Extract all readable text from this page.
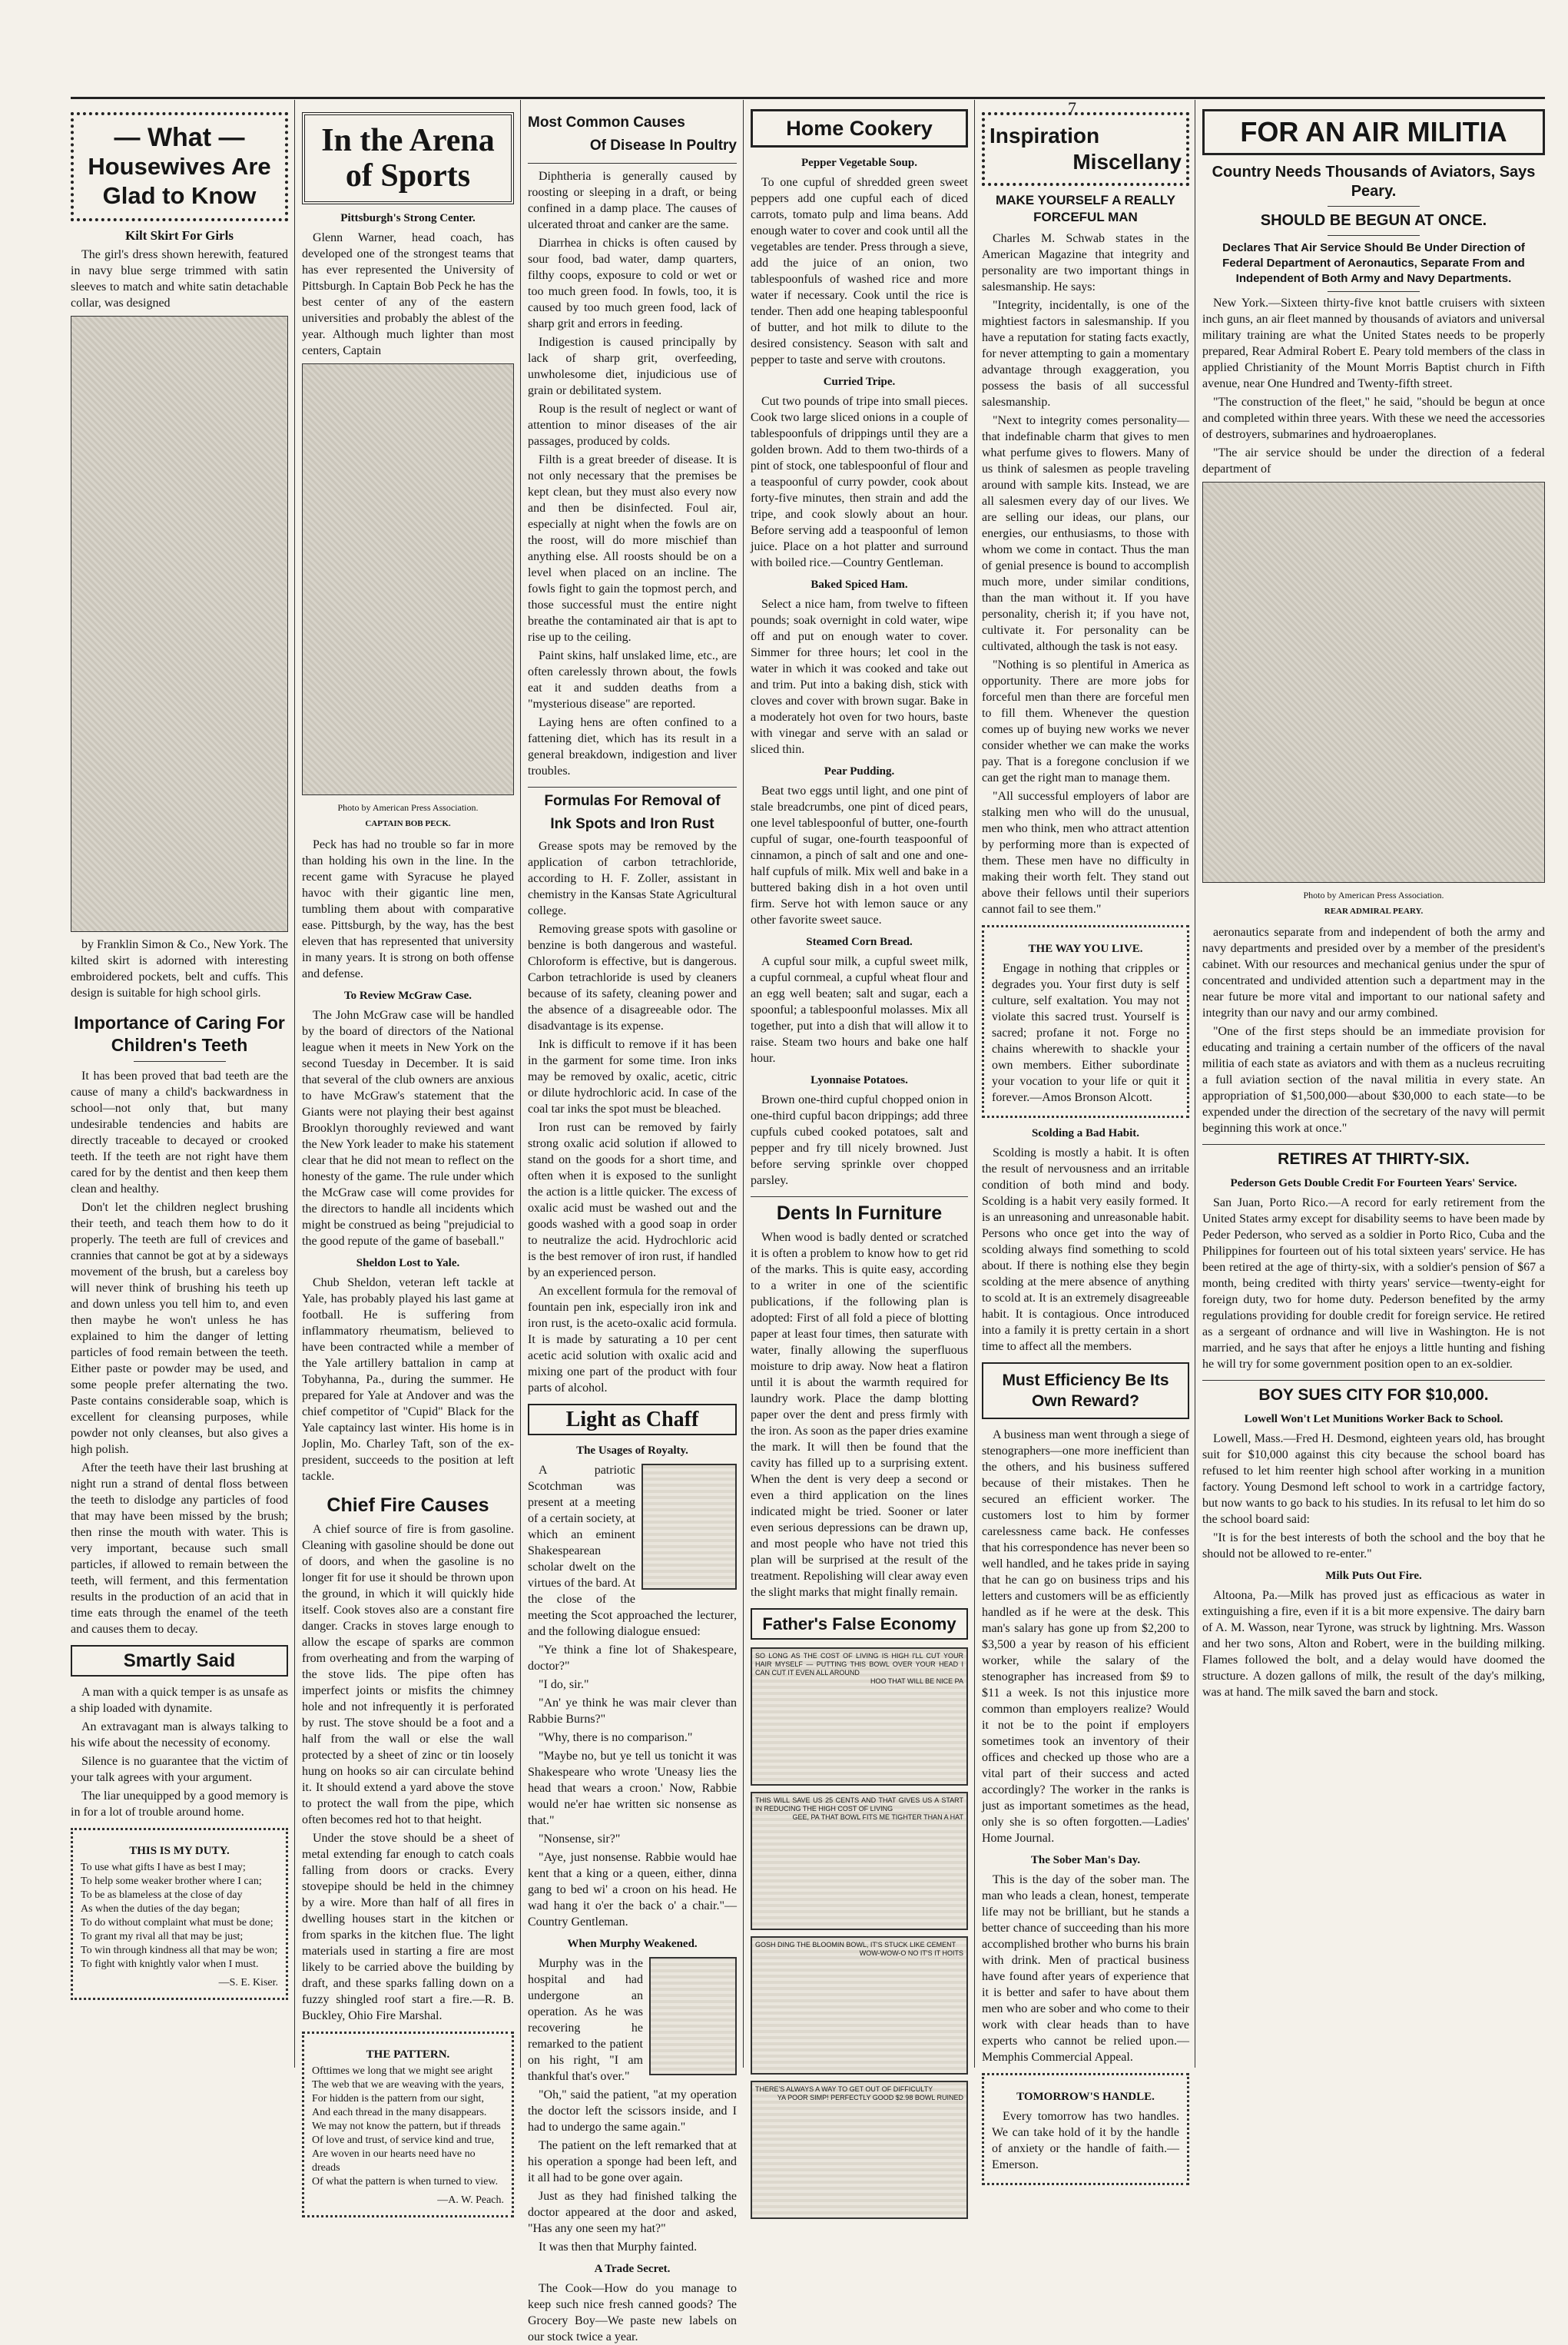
7
— What —
Housewives Are
Glad to Know
Kilt Skirt For Girls

The girl's dress shown herewith, featured in navy blue serge trimmed with satin sleeves to match and white satin detachable collar, was designed

by Franklin Simon & Co., New York. The kilted skirt is adorned with interesting embroidered pockets, belt and cuffs. This design is suitable for high school girls.

Importance of Caring For Children's Teeth

It has been proved that bad teeth are the cause of many a child's backwardness in school—not only that, but many undesirable tendencies and habits are directly traceable to decayed or crooked teeth. If the teeth are not right have them cared for by the dentist and then keep them clean and healthy.

Don't let the children neglect brushing their teeth, and teach them how to do it properly. The teeth are full of crevices and crannies that cannot be got at by a sideways movement of the brush, but a careless boy will never think of brushing his teeth up and down unless you tell him to, and even then maybe he won't unless he has explained to him the danger of letting particles of food remain between the teeth. Either paste or powder may be used, and some people prefer alternating the two. Paste contains considerable soap, which is excellent for cleansing purposes, while powder not only cleanses, but also gives a high polish.

After the teeth have their last brushing at night run a strand of dental floss between the teeth to dislodge any particles of food that may have been missed by the brush; then rinse the mouth with water. This is very important, because such small particles, if allowed to remain between the teeth, will ferment, and this fermentation results in the production of an acid that in time eats through the enamel of the teeth and causes them to decay.

Smartly Said

A man with a quick temper is as unsafe as a ship loaded with dynamite.

An extravagant man is always talking to his wife about the necessity of economy.

Silence is no guarantee that the victim of your talk agrees with your argument.

The liar unequipped by a good memory is in for a lot of trouble around home.

THIS IS MY DUTY.
To use what gifts I have as best I may;
To help some weaker brother where I can;
To be as blameless at the close of day
As when the duties of the day began;
To do without complaint what must be done;
To grant my rival all that may be just;
To win through kindness all that may be won;
To fight with knightly valor when I must.
—S. E. Kiser.
In the Arena
of Sports
Pittsburgh's Strong Center.

Glenn Warner, head coach, has developed one of the strongest teams that has ever represented the University of Pittsburgh. In Captain Bob Peck he has the best center of any of the eastern universities and probably the ablest of the year. Although much lighter than most centers, Captain

Photo by American Press Association.
CAPTAIN BOB PECK.

Peck has had no trouble so far in more than holding his own in the line. In the recent game with Syracuse he played havoc with their gigantic line men, tumbling them about with comparative ease. Pittsburgh, by the way, has the best eleven that has represented that university in many years. It is strong on both offense and defense.

To Review McGraw Case.

The John McGraw case will be handled by the board of directors of the National league when it meets in New York on the second Tuesday in December. It is said that several of the club owners are anxious to have McGraw's statement that the Giants were not playing their best against Brooklyn thoroughly reviewed and want the New York leader to make his statement clear that he did not mean to reflect on the honesty of the game. The rule under which the McGraw case will come provides for the directors to handle all incidents which might be construed as being "prejudicial to the good repute of the game of baseball."

Sheldon Lost to Yale.

Chub Sheldon, veteran left tackle at Yale, has probably played his last game at football. He is suffering from inflammatory rheumatism, believed to have been contracted while a member of the Yale artillery battalion in camp at Tobyhanna, Pa., during the summer. He prepared for Yale at Andover and was the chief competitor of "Cupid" Black for the Yale captaincy last winter. His home is in Joplin, Mo. Charley Taft, son of the ex-president, succeeds to the position at left tackle.

Chief Fire Causes

A chief source of fire is from gasoline. Cleaning with gasoline should be done out of doors, and when the gasoline is no longer fit for use it should be thrown upon the ground, in which it will quickly hide itself. Cook stoves also are a constant fire danger. Cracks in stoves large enough to allow the escape of sparks are common from overheating and from the warping of the stove lids. The pipe often has imperfect joints or misfits the chimney hole and not infrequently it is perforated by rust. The stove should be a foot and a half from the wall or else the wall protected by a sheet of zinc or tin loosely hung on hooks so air can circulate behind it. It should extend a yard above the stove to protect the wall from the pipe, which often becomes red hot to that height.

Under the stove should be a sheet of metal extending far enough to catch coals falling from doors or cracks. Every stovepipe should be held in the chimney by a wire. More than half of all fires in dwelling houses start in the kitchen or from sparks in the kitchen flue. The light materials used in starting a fire are most likely to be carried above the building by draft, and these sparks falling down on a fuzzy shingled roof start a fire.—R. B. Buckley, Ohio Fire Marshal.

THE PATTERN.
Ofttimes we long that we might see aright
The web that we are weaving with the years,
For hidden is the pattern from our sight,
And each thread in the many disappears.
We may not know the pattern, but if threads
Of love and trust, of service kind and true,
Are woven in our hearts need have no dreads
Of what the pattern is when turned to view.
—A. W. Peach.
Most Common Causes
Of Disease In Poultry

Diphtheria is generally caused by roosting or sleeping in a draft, or being confined in a damp place. The causes of ulcerated throat and canker are the same.

Diarrhea in chicks is often caused by sour food, bad water, damp quarters, filthy coops, exposure to cold or wet or too much green food. In fowls, too, it is caused by too much green food, lack of sharp grit and errors in feeding.

Indigestion is caused principally by lack of sharp grit, overfeeding, unwholesome diet, injudicious use of grain or debilitated system.

Roup is the result of neglect or want of attention to minor diseases of the air passages, produced by colds.

Filth is a great breeder of disease. It is not only necessary that the premises be kept clean, but they must also every now and then be disinfected. Foul air, especially at night when the fowls are on the roost, will do more mischief than anything else. All roosts should be on a level when placed on an incline. The fowls fight to gain the topmost perch, and those successful must the entire night breathe the contaminated air that is apt to rise up to the ceiling.

Paint skins, half unslaked lime, etc., are often carelessly thrown about, the fowls eat it and sudden deaths from a "mysterious disease" are reported.

Laying hens are often confined to a fattening diet, which has its result in a general breakdown, indigestion and liver troubles.

Formulas For Removal of
Ink Spots and Iron Rust

Grease spots may be removed by the application of carbon tetrachloride, according to H. F. Zoller, assistant in chemistry in the Kansas State Agricultural college.

Removing grease spots with gasoline or benzine is both dangerous and wasteful. Chloroform is effective, but is dangerous. Carbon tetrachloride is used by cleaners because of its safety, cleaning power and the absence of a disagreeable odor. The disadvantage is its expense.

Ink is difficult to remove if it has been in the garment for some time. Iron inks may be removed by oxalic, acetic, citric or dilute hydrochloric acid. In case of the coal tar inks the spot must be bleached.

Iron rust can be removed by fairly strong oxalic acid solution if allowed to stand on the goods for a short time, and often when it is exposed to the sunlight the action is a little quicker. The excess of oxalic acid must be washed out and the goods washed with a good soap in order to neutralize the acid. Hydrochloric acid is the best remover of iron rust, if handled by an experienced person.

An excellent formula for the removal of fountain pen ink, especially iron ink and iron rust, is the aceto-oxalic acid formula. It is made by saturating a 10 per cent acetic acid solution with oxalic acid and mixing one part of the product with four parts of alcohol.

Light as Chaff
The Usages of Royalty.

A patriotic Scotchman was present at a meeting of a certain society, at which an eminent Shakespearean scholar dwelt on the virtues of the bard. At the close of the meeting the Scot approached the lecturer, and the following dialogue ensued:

"Ye think a fine lot of Shakespeare, doctor?"

"I do, sir."

"An' ye think he was mair clever than Rabbie Burns?"

"Why, there is no comparison."

"Maybe no, but ye tell us tonicht it was Shakespeare who wrote 'Uneasy lies the head that wears a croon.' Now, Rabbie would ne'er hae written sic nonsense as that."

"Nonsense, sir?"

"Aye, just nonsense. Rabbie would hae kent that a king or a queen, either, dinna gang to bed wi' a croon on his head. He wad hang it o'er the back o' a chair."—Country Gentleman.

When Murphy Weakened.

Murphy was in the hospital and had undergone an operation. As he was recovering he remarked to the patient on his right, "I am thankful that's over."

"Oh," said the patient, "at my operation the doctor left the scissors inside, and I had to undergo the same again."

The patient on the left remarked that at his operation a sponge had been left, and it all had to be gone over again.

Just as they had finished talking the doctor appeared at the door and asked, "Has any one seen my hat?"

It was then that Murphy fainted.

A Trade Secret.

The Cook—How do you manage to keep such nice fresh canned goods? The Grocery Boy—We paste new labels on our stock twice a year.

Home Cookery
Pepper Vegetable Soup.

To one cupful of shredded green sweet peppers add one cupful each of diced carrots, tomato pulp and lima beans. Add enough water to cover and cook until all the vegetables are tender. Press through a sieve, add the juice of an onion, two tablespoonfuls of washed rice and more water if necessary. Cook until the rice is tender. Then add one heaping tablespoonful of butter, and hot milk to dilute to the desired consistency. Season with salt and pepper to taste and serve with croutons.

Curried Tripe.

Cut two pounds of tripe into small pieces. Cook two large sliced onions in a couple of tablespoonfuls of drippings until they are a golden brown. Add to them two-thirds of a pint of stock, one tablespoonful of flour and a teaspoonful of curry powder, cook about forty-five minutes, then strain and add the tripe, and cook slowly about an hour. Before serving add a teaspoonful of lemon juice. Place on a hot platter and surround with boiled rice.—Country Gentleman.

Baked Spiced Ham.

Select a nice ham, from twelve to fifteen pounds; soak overnight in cold water, wipe off and put on enough water to cover. Simmer for three hours; let cool in the water in which it was cooked and take out and trim. Put into a baking dish, stick with cloves and cover with brown sugar. Bake in a moderately hot oven for two hours, baste with vinegar and serve with an salad or sliced thin.

Pear Pudding.

Beat two eggs until light, and one pint of stale breadcrumbs, one pint of diced pears, one level tablespoonful of butter, one-fourth cupful of sugar, one-fourth teaspoonful of cinnamon, a pinch of salt and one and one-half cupfuls of milk. Mix well and bake in a buttered baking dish in a hot oven until firm. Serve hot with lemon sauce or any other favorite sweet sauce.

Steamed Corn Bread.

A cupful sour milk, a cupful sweet milk, a cupful cornmeal, a cupful wheat flour and an egg well beaten; salt and sugar, each a spoonful; a tablespoonful molasses. Mix all together, put into a dish that will allow it to raise. Steam two hours and bake one half hour.

Lyonnaise Potatoes.

Brown one-third cupful chopped onion in one-third cupful bacon drippings; add three cupfuls cubed cooked potatoes, salt and pepper and fry till nicely browned. Just before serving sprinkle over chopped parsley.

Dents In Furniture

When wood is badly dented or scratched it is often a problem to know how to get rid of the marks. This is quite easy, according to a writer in one of the scientific publications, if the following plan is adopted: First of all fold a piece of blotting paper at least four times, then saturate with water, finally allowing the superfluous moisture to drip away. Now heat a flatiron until it is about the warmth required for laundry work. Place the damp blotting paper over the dent and press firmly with the iron. As soon as the paper dries examine the mark. It will then be found that the cavity has filled up to a surprising extent. When the dent is very deep a second or even a third application on the lines indicated might be tried. Sooner or later even serious depressions can be drawn up, and most people who have not tried this plan will be surprised at the result of the treatment. Repolishing will clear away even the slight marks that might finally remain.

Father's False Economy
SO LONG AS THE COST OF LIVING IS HIGH I'LL CUT YOUR HAIR MYSELF — PUTTING THIS BOWL OVER YOUR HEAD I CAN CUT IT EVEN ALL AROUND
HOO THAT WILL BE NICE PA
THIS WILL SAVE US 25 CENTS AND THAT GIVES US A START IN REDUCING THE HIGH COST OF LIVING
GEE, PA THAT BOWL FITS ME TIGHTER THAN A HAT
GOSH DING THE BLOOMIN BOWL, IT'S STUCK LIKE CEMENT
WOW-WOW-O NO IT'S IT HOITS
THERE'S ALWAYS A WAY TO GET OUT OF DIFFICULTY
YA POOR SIMP! PERFECTLY GOOD $2.98 BOWL RUINED
Inspiration
Miscellany
MAKE YOURSELF A REALLY FORCEFUL MAN

Charles M. Schwab states in the American Magazine that integrity and personality are two important things in salesmanship. He says:

"Integrity, incidentally, is one of the mightiest factors in salesmanship. If you have a reputation for stating facts exactly, for never attempting to gain a momentary advantage through exaggeration, you possess the basis of all successful salesmanship.

"Next to integrity comes personality—that indefinable charm that gives to men what perfume gives to flowers. Many of us think of salesmen as people traveling around with sample kits. Instead, we are all salesmen every day of our lives. We are selling our ideas, our plans, our energies, our enthusiasms, to those with whom we come in contact. Thus the man of genial presence is bound to accomplish much more, under similar conditions, than the man without it. If you have personality, cherish it; if you have not, cultivate it. For personality can be cultivated, although the task is not easy.

"Nothing is so plentiful in America as opportunity. There are more jobs for forceful men than there are forceful men to fill them. Whenever the question comes up of buying new works we never consider whether we can make the works pay. That is a foregone conclusion if we can get the right man to manage them.

"All successful employers of labor are stalking men who will do the unusual, men who think, men who attract attention by performing more than is expected of them. These men have no difficulty in making their worth felt. They stand out above their fellows until their superiors cannot fail to see them."

THE WAY YOU LIVE.

Engage in nothing that cripples or degrades you. Your first duty is self culture, self exaltation. You may not violate this sacred trust. Yourself is sacred; profane it not. Forge no chains wherewith to shackle your own members. Either subordinate your vocation to your life or quit it forever.—Amos Bronson Alcott.

Scolding a Bad Habit.

Scolding is mostly a habit. It is often the result of nervousness and an irritable condition of both mind and body. Scolding is a habit very easily formed. It is an unreasoning and unreasonable habit. Persons who once get into the way of scolding always find something to scold about. If there is nothing else they begin scolding at the mere absence of anything to scold at. It is an extremely disagreeable habit. It is contagious. Once introduced into a family it is pretty certain in a short time to affect all the members.

Must Efficiency Be Its Own Reward?

A business man went through a siege of stenographers—one more inefficient than the others, and his business suffered because of their mistakes. Then he secured an efficient worker. The customers lost to him by former carelessness came back. He confesses that his correspondence has never been so well handled, and he takes pride in saying that he can go on business trips and his letters and customers will be as efficiently handled as if he were at the desk. This man's salary has gone up from $2,200 to $3,500 a year by reason of his efficient worker, while the salary of the stenographer has increased from $9 to $11 a week. Is not this injustice more common than employers realize? Would it not be to the point if employers sometimes took an inventory of their offices and checked up those who are a vital part of their success and acted accordingly? The worker in the ranks is just as important sometimes as the head, only she is so often forgotten.—Ladies' Home Journal.

The Sober Man's Day.

This is the day of the sober man. The man who leads a clean, honest, temperate life may not be brilliant, but he stands a better chance of succeeding than his more accomplished brother who burns his brain with drink. Men of practical business have found after years of experience that it is better and safer to have about them men who are sober and who come to their work with clear heads than to have experts who cannot be relied upon.—Memphis Commercial Appeal.

TOMORROW'S HANDLE.

Every tomorrow has two handles. We can take hold of it by the handle of anxiety or the handle of faith.—Emerson.

FOR AN AIR MILITIA
Country Needs Thousands of Aviators, Says Peary.
SHOULD BE BEGUN AT ONCE.
Declares That Air Service Should Be Under Direction of Federal Department of Aeronautics, Separate From and Independent of Both Army and Navy Departments.

New York.—Sixteen thirty-five knot battle cruisers with sixteen inch guns, an air fleet manned by thousands of aviators and universal military training are what the United States needs to be properly prepared, Rear Admiral Robert E. Peary told members of the class in applied Christianity of the Mount Morris Baptist church in Fifth avenue, near One Hundred and Twenty-fifth street.

"The construction of the fleet," he said, "should be begun at once and completed within three years. With these we need the accessories of destroyers, submarines and hydroaeroplanes.

"The air service should be under the direction of a federal department of

Photo by American Press Association.
REAR ADMIRAL PEARY.

aeronautics separate from and independent of both the army and navy departments and presided over by a member of the president's cabinet. With our resources and mechanical genius under the spur of concentrated and undivided attention such a department may in the near future be more vital and important to our national safety and integrity than our navy and our army combined.

"One of the first steps should be an immediate provision for educating and training a certain number of the officers of the naval militia of each state as aviators and with them as a nucleus recruiting a full aviation section of the naval militia in every state. An appropriation of $1,500,000—about $30,000 to each state—to be expended under the direction of the secretary of the navy will permit beginning this work at once."

RETIRES AT THIRTY-SIX.
Pederson Gets Double Credit For Fourteen Years' Service.

San Juan, Porto Rico.—A record for early retirement from the United States army except for disability seems to have been made by Peder Pederson, who served as a soldier in Porto Rico, Cuba and the Philippines for fourteen out of his total sixteen years' service. He has been retired at the age of thirty-six, with a soldier's pension of $67 a month, being credited with thirty years' service—twenty-eight for foreign duty, two for home duty. Pederson benefited by the army regulations providing for double credit for foreign service. He retired as a sergeant of ordnance and will live in Washington. He is not married, and he says that after he enjoys a little hunting and fishing he will try for some government position open to an ex-soldier.

BOY SUES CITY FOR $10,000.
Lowell Won't Let Munitions Worker Back to School.

Lowell, Mass.—Fred H. Desmond, eighteen years old, has brought suit for $10,000 against this city because the school board has refused to let him reenter high school after working in a munition factory. Young Desmond left school to work in a cartridge factory, but now wants to go back to his studies. In its refusal to let him do so the school board said:

"It is for the best interests of both the school and the boy that he should not be allowed to re-enter."

Milk Puts Out Fire.

Altoona, Pa.—Milk has proved just as efficacious as water in extinguishing a fire, even if it is a bit more expensive. The dairy barn of A. M. Wasson, near Tyrone, was struck by lightning. Mrs. Wasson and her two sons, Alton and Robert, were in the building milking. Flames followed the bolt, and a delay would have doomed the structure. A dozen gallons of milk, the result of the day's milking, was at hand. The milk saved the barn and stock.
